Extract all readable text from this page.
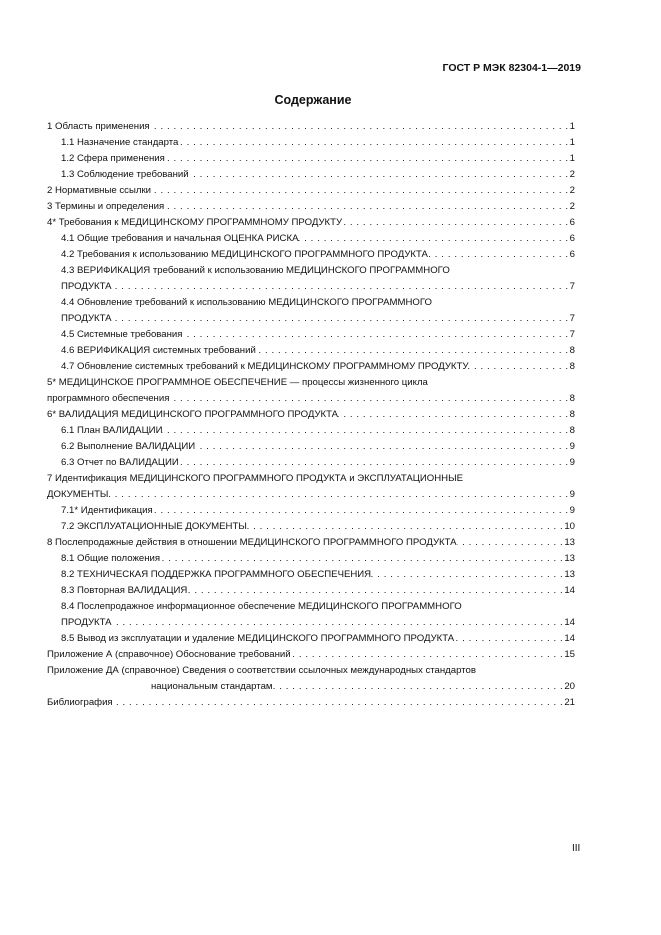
ГОСТ Р МЭК 82304-1—2019
Содержание
1 Область применения . . .	1
1.1 Назначение стандарта . . .	1
1.2 Сфера применения . . .	1
1.3 Соблюдение требований . . .	2
2 Нормативные ссылки . . .	2
3 Термины и определения . . .	2
4* Требования к МЕДИЦИНСКОМУ ПРОГРАММНОМУ ПРОДУКТУ . . .	6
4.1 Общие требования и начальная ОЦЕНКА РИСКА . . .	6
4.2 Требования к использованию МЕДИЦИНСКОГО ПРОГРАММНОГО ПРОДУКТА . . .	6
4.3 ВЕРИФИКАЦИЯ требований к использованию МЕДИЦИНСКОГО ПРОГРАММНОГО
ПРОДУКТА . . .	7
4.4 Обновление требований к использованию МЕДИЦИНСКОГО ПРОГРАММНОГО
ПРОДУКТА . . .	7
4.5 Системные требования . . .	7
4.6 ВЕРИФИКАЦИЯ системных требований . . .	8
4.7 Обновление системных требований к МЕДИЦИНСКОМУ ПРОГРАММНОМУ ПРОДУКТУ . . .	8
5* МЕДИЦИНСКОЕ ПРОГРАММНОЕ ОБЕСПЕЧЕНИЕ — процессы жизненного цикла
программного обеспечения . . .	8
6* ВАЛИДАЦИЯ МЕДИЦИНСКОГО ПРОГРАММНОГО ПРОДУКТА . . .	8
6.1 План ВАЛИДАЦИИ . . .	8
6.2 Выполнение ВАЛИДАЦИИ . . .	9
6.3 Отчет по ВАЛИДАЦИИ . . .	9
7 Идентификация МЕДИЦИНСКОГО ПРОГРАММНОГО ПРОДУКТА и ЭКСПЛУАТАЦИОННЫЕ
ДОКУМЕНТЫ . . .	9
7.1* Идентификация . . .	9
7.2 ЭКСПЛУАТАЦИОННЫЕ ДОКУМЕНТЫ . . .	10
8 Послепродажные действия в отношении МЕДИЦИНСКОГО ПРОГРАММНОГО ПРОДУКТА . . .	13
8.1 Общие положения . . .	13
8.2 ТЕХНИЧЕСКАЯ ПОДДЕРЖКА ПРОГРАММНОГО ОБЕСПЕЧЕНИЯ . . .	13
8.3 Повторная ВАЛИДАЦИЯ . . .	14
8.4 Послепродажное информационное обеспечение МЕДИЦИНСКОГО ПРОГРАММНОГО
ПРОДУКТА . . .	14
8.5 Вывод из эксплуатации и удаление МЕДИЦИНСКОГО ПРОГРАММНОГО ПРОДУКТА . . .	14
Приложение А (справочное) Обоснование требований . . .	15
Приложение ДА (справочное) Сведения о соответствии ссылочных международных стандартов
национальным стандартам . . .	20
Библиография . . .	21
III
